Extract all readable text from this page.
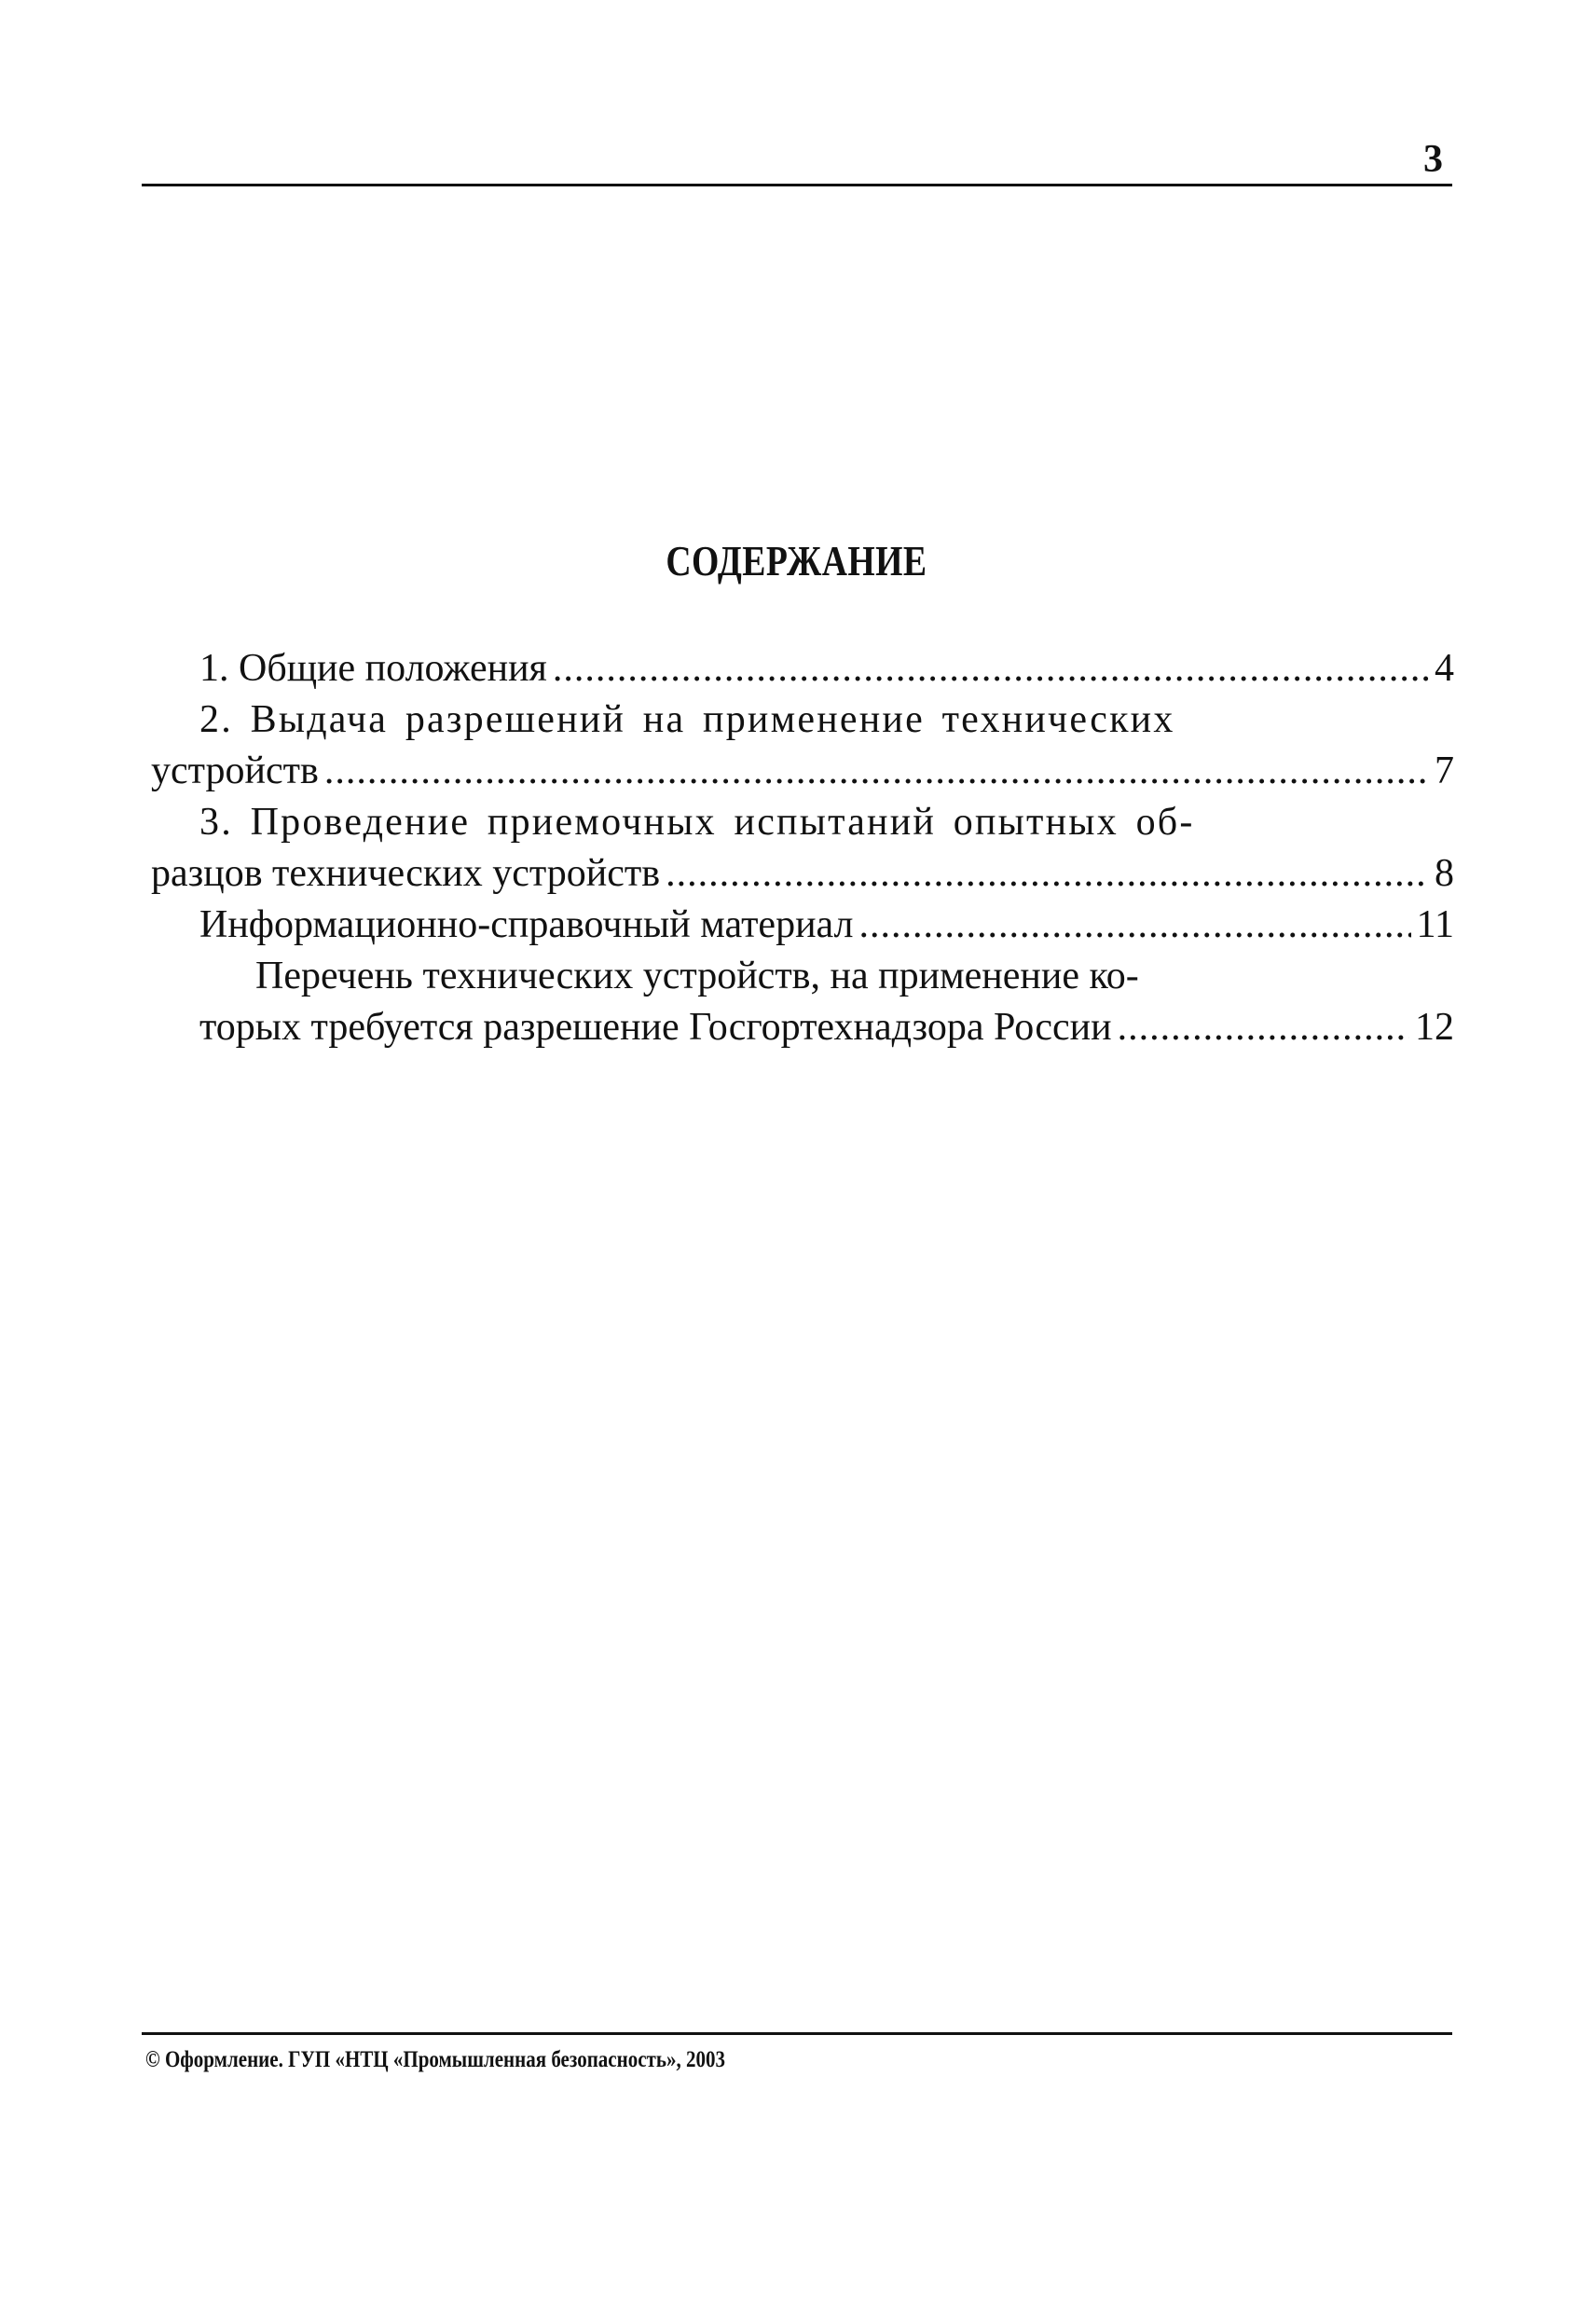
3
СОДЕРЖАНИЕ
1. Общие положения .....	4
2. Выдача разрешений на применение технических
устройств .....	7
3. Проведение приемочных испытаний опытных об-
разцов технических устройств .....	8
Информационно-справочный материал .....	11
Перечень технических устройств, на применение ко-
торых требуется разрешение Госгортехнадзора России .....	12
© Оформление. ГУП «НТЦ «Промышленная безопасность», 2003
